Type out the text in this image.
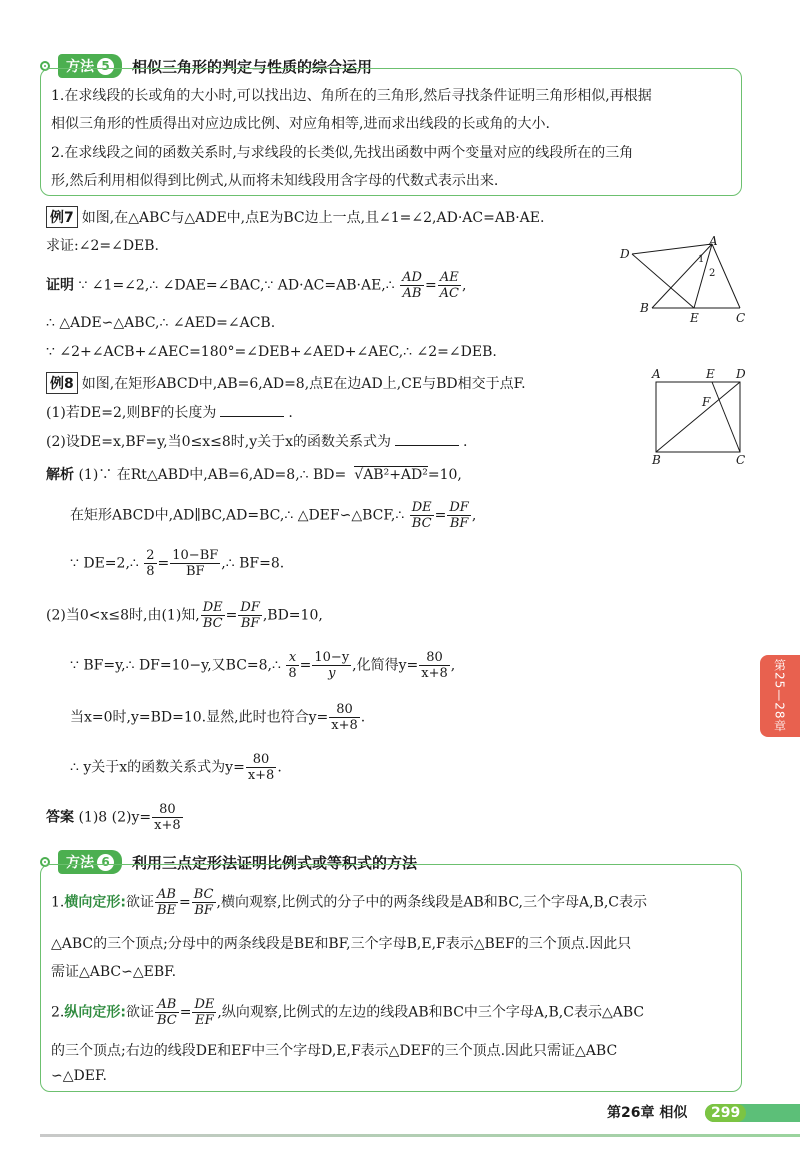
方法 5 相似三角形的判定与性质的综合运用
1.在求线段的长或角的大小时,可以找出边、角所在的三角形,然后寻找条件证明三角形相似,再根据
相似三角形的性质得出对应边成比例、对应角相等,进而求出线段的长或角的大小.
2.在求线段之间的函数关系时,与求线段的长类似,先找出函数中两个变量对应的线段所在的三角
形,然后利用相似得到比例式,从而将未知线段用含字母的代数式表示出来.
例7 如图,在△ABC与△ADE中,点E为BC边上一点,且∠1=∠2,AD·AC=AB·AE.
求证:∠2=∠DEB.
证明 ∵ ∠1=∠2,∴ ∠DAE=∠BAC,∵ AD·AC=AB·AE,∴ $\frac{AD}{AB} = \frac{AE}{AC}$ ,
∴ △ADE∽△ABC,∴ ∠AED=∠ACB.
∵ ∠2+∠ACB+∠AEC=180°=∠DEB+∠AED+∠AEC,∴ ∠2=∠DEB.
D
A
1
2
B
E	C
例8 如图,在矩形ABCD中,AB=6,AD=8,点E在边AD上,CE与BD相交于点F.
(1)若DE=2,则BF的长度为	.
(2)设DE=x,BF=y,当0≤x≤8时,y关于x的函数关系式为	.
A	E D
F
B	C
解析 (1)∵ 在Rt△ABD中,AB=6,AD=8,∴ BD= √AB²+AD²=10,
在矩形ABCD中,AD∥BC,AD=BC,∴ △DEF∽△BCF,∴ $\frac{DE}{BC} = \frac{DF}{BF}$ ,
∵ DE=2,∴ $\frac{2}{8} = \frac{10-BF}{BF}$ ,∴ BF=8.
(2)当0<x≤8时,由(1)知, $\frac{DE}{BC} = \frac{DF}{BF} ,BD=10$,
∵ BF=y,∴ DF=10−y,又BC=8,∴ $\frac{x}{8} = \frac{10-y}{y}$ ,化简得$y= \frac{80}{x+8}$ ,
当x=0时,y=BD=10.显然,此时也符合$y= \frac{80}{x+8}$ .
∴ y关于x的函数关系式为$y= \frac{80}{x+8}$ .
答案 (1)8 $(2)y= \frac{80}{x+8}$
方法 6 利用三点定形法证明比例式或等积式的方法
1.横向定形:欲证 $\frac{AB}{BE} = \frac{BC}{BF}$ ,横向观察,比例式的分子中的两条线段是AB和BC,三个字母A,B,C表示
△ABC的三个顶点;分母中的两条线段是BE和BF,三个字母B,E,F表示△BEF的三个顶点.因此只
需证△ABC∽△EBF.
2.纵向定形:欲证 $\frac{AB}{BC} = \frac{DE}{EF}$ ,纵向观察,比例式的左边的线段AB和BC中三个字母A,B,C表示△ABC
的三个顶点;右边的线段DE和EF中三个字母D,E,F表示△DEF的三个顶点.因此只需证△ABC
∽△DEF.
第25—28章
第26章 相似	299
